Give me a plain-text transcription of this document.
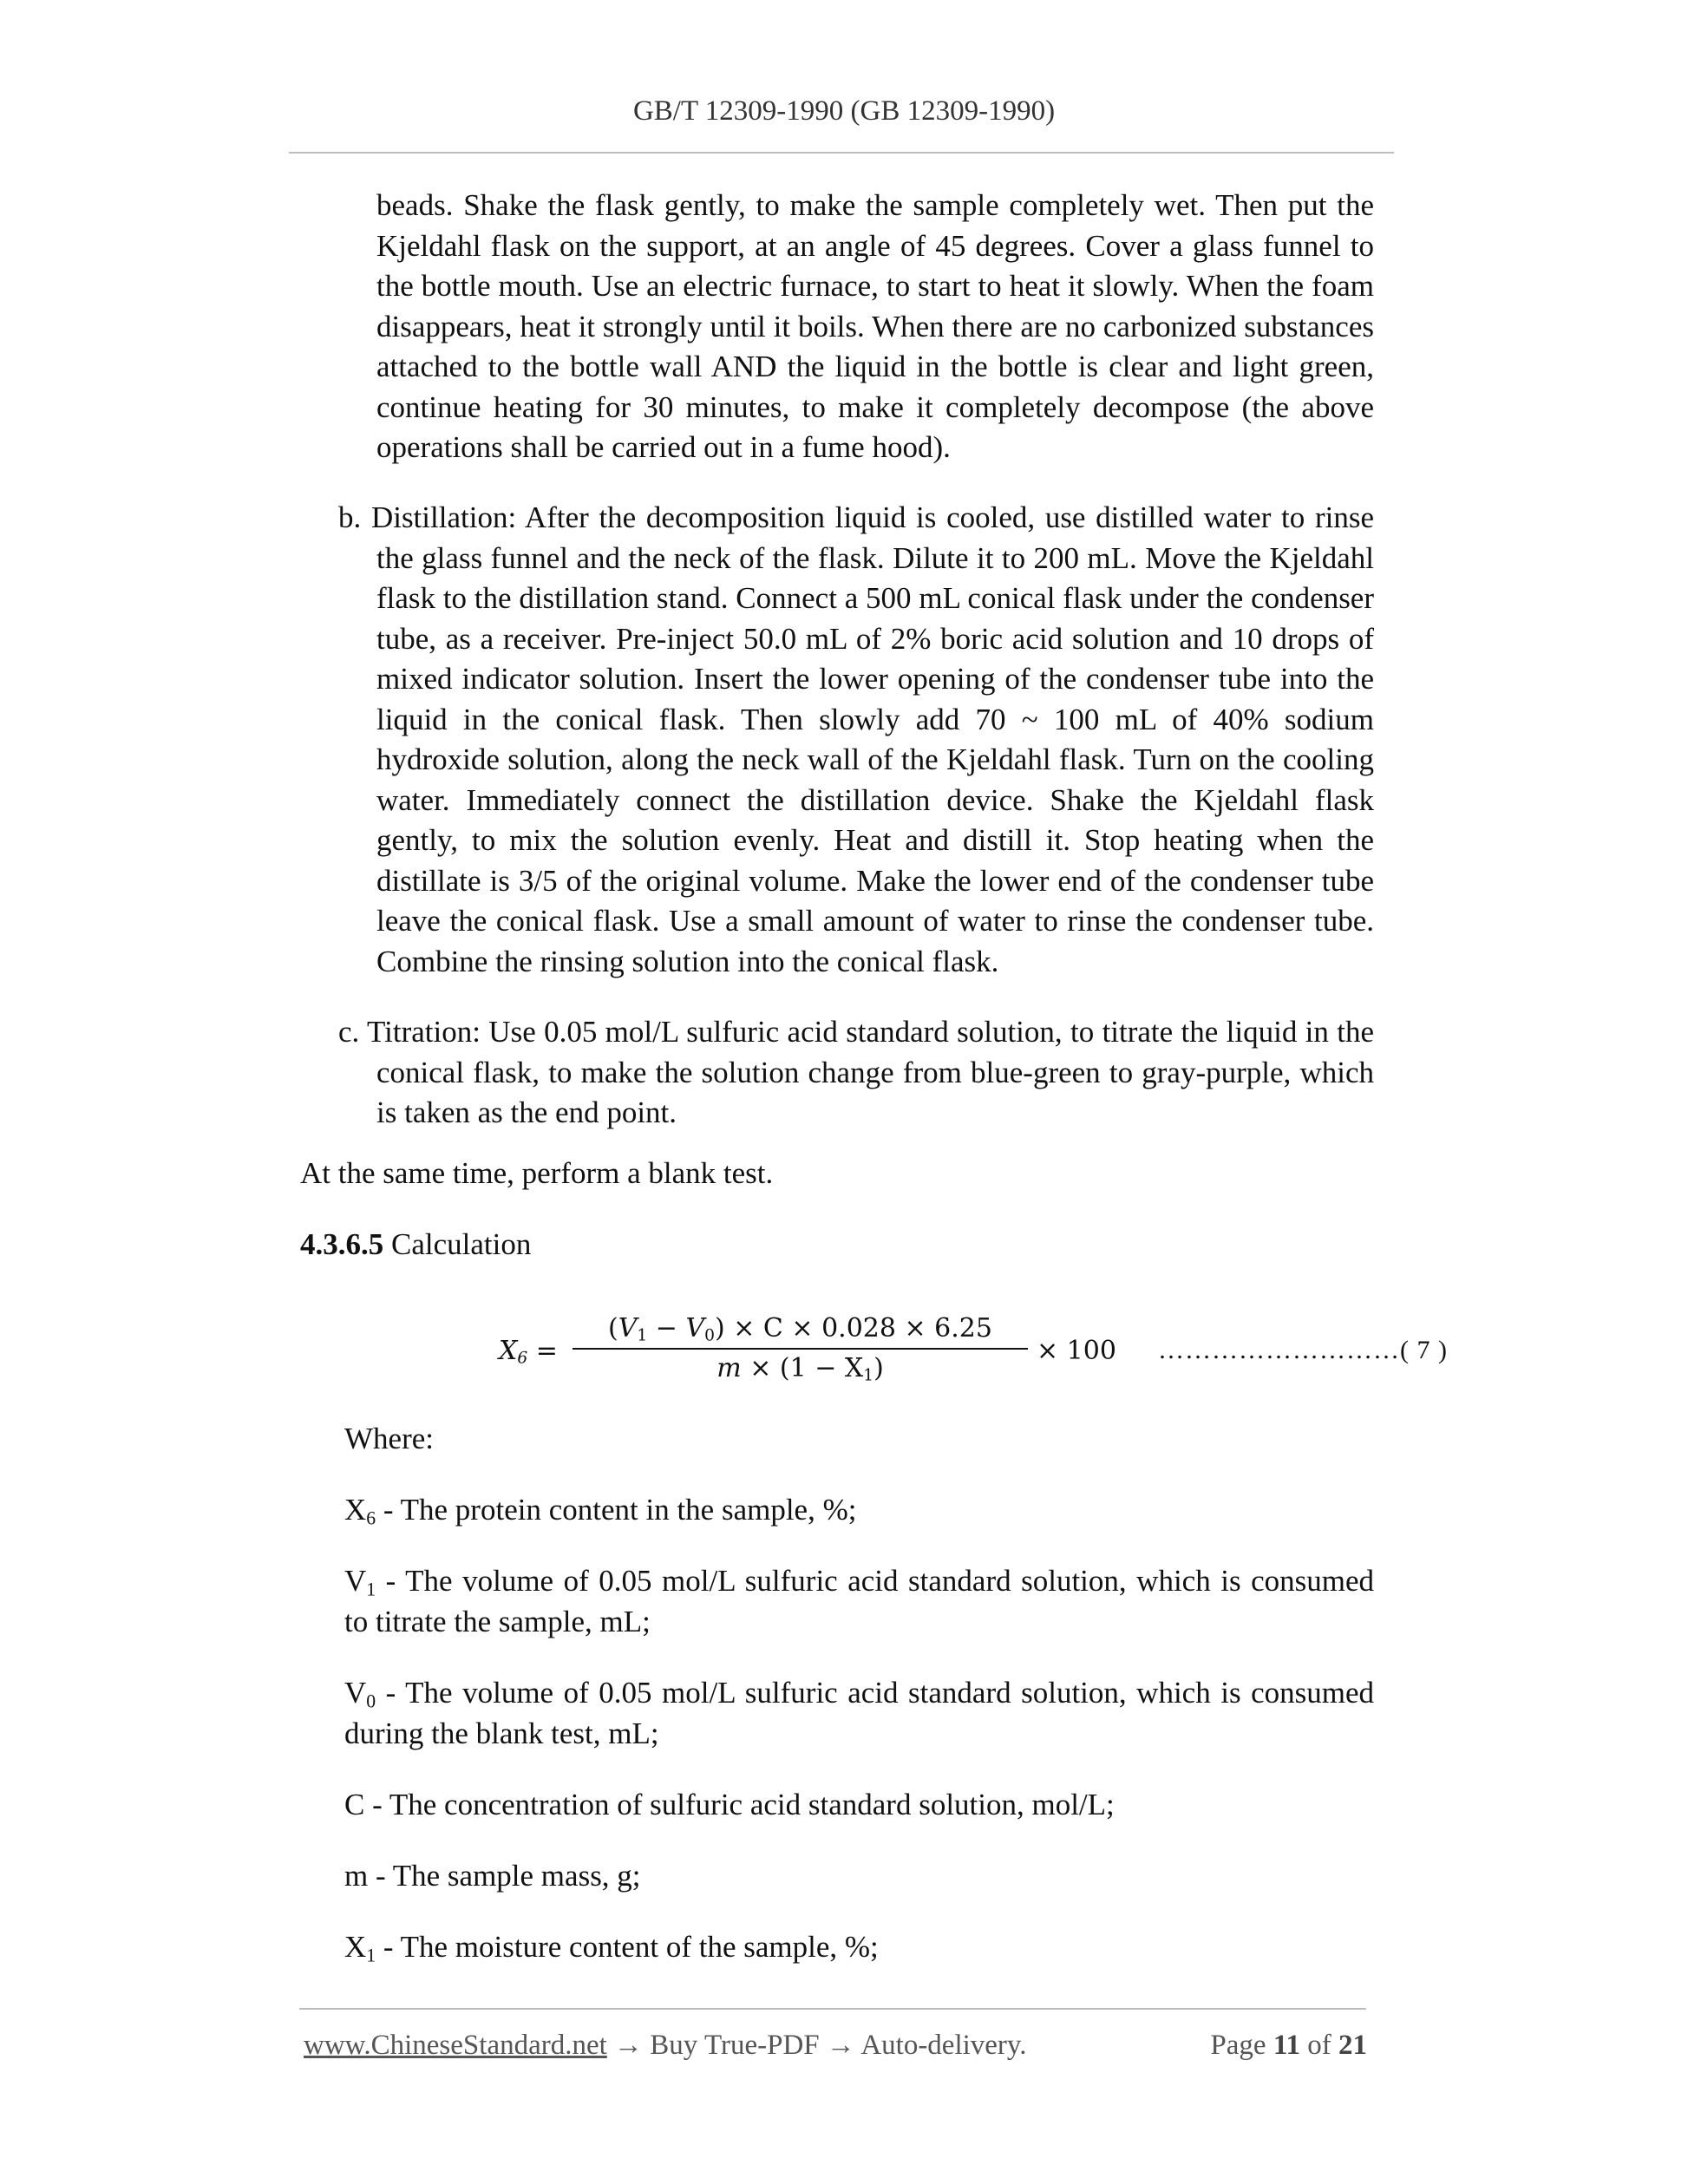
GB/T 12309-1990 (GB 12309-1990)

beads. Shake the flask gently, to make the sample completely wet. Then put the Kjeldahl flask on the support, at an angle of 45 degrees. Cover a glass funnel to the bottle mouth. Use an electric furnace, to start to heat it slowly. When the foam disappears, heat it strongly until it boils. When there are no carbonized substances attached to the bottle wall AND the liquid in the bottle is clear and light green, continue heating for 30 minutes, to make it completely decompose (the above operations shall be carried out in a fume hood).

b. Distillation: After the decomposition liquid is cooled, use distilled water to rinse the glass funnel and the neck of the flask. Dilute it to 200 mL. Move the Kjeldahl flask to the distillation stand. Connect a 500 mL conical flask under the condenser tube, as a receiver. Pre-inject 50.0 mL of 2% boric acid solution and 10 drops of mixed indicator solution. Insert the lower opening of the condenser tube into the liquid in the conical flask. Then slowly add 70 ~ 100 mL of 40% sodium hydroxide solution, along the neck wall of the Kjeldahl flask. Turn on the cooling water. Immediately connect the distillation device. Shake the Kjeldahl flask gently, to mix the solution evenly. Heat and distill it. Stop heating when the distillate is 3/5 of the original volume. Make the lower end of the condenser tube leave the conical flask. Use a small amount of water to rinse the condenser tube. Combine the rinsing solution into the conical flask.

c. Titration: Use 0.05 mol/L sulfuric acid standard solution, to titrate the liquid in the conical flask, to make the solution change from blue-green to gray-purple, which is taken as the end point.

At the same time, perform a blank test.

4.3.6.5 Calculation

$X_6$ =
$(V_1 - V_0) \times C \times 0.028 \times 6.25$
$m \times (1 - X_1)$
× 100 ………………………( 7 )

Where:

$X_6$ - The protein content in the sample, %;

$V_1$ - The volume of 0.05 mol/L sulfuric acid standard solution, which is consumed to titrate the sample, mL;

$V_0$ - The volume of 0.05 mol/L sulfuric acid standard solution, which is consumed during the blank test, mL;

C - The concentration of sulfuric acid standard solution, mol/L;

m - The sample mass, g;

$X_1$ - The moisture content of the sample, %;

www.ChineseStandard.net → Buy True-PDF → Auto-delivery.	Page 11 of 21
